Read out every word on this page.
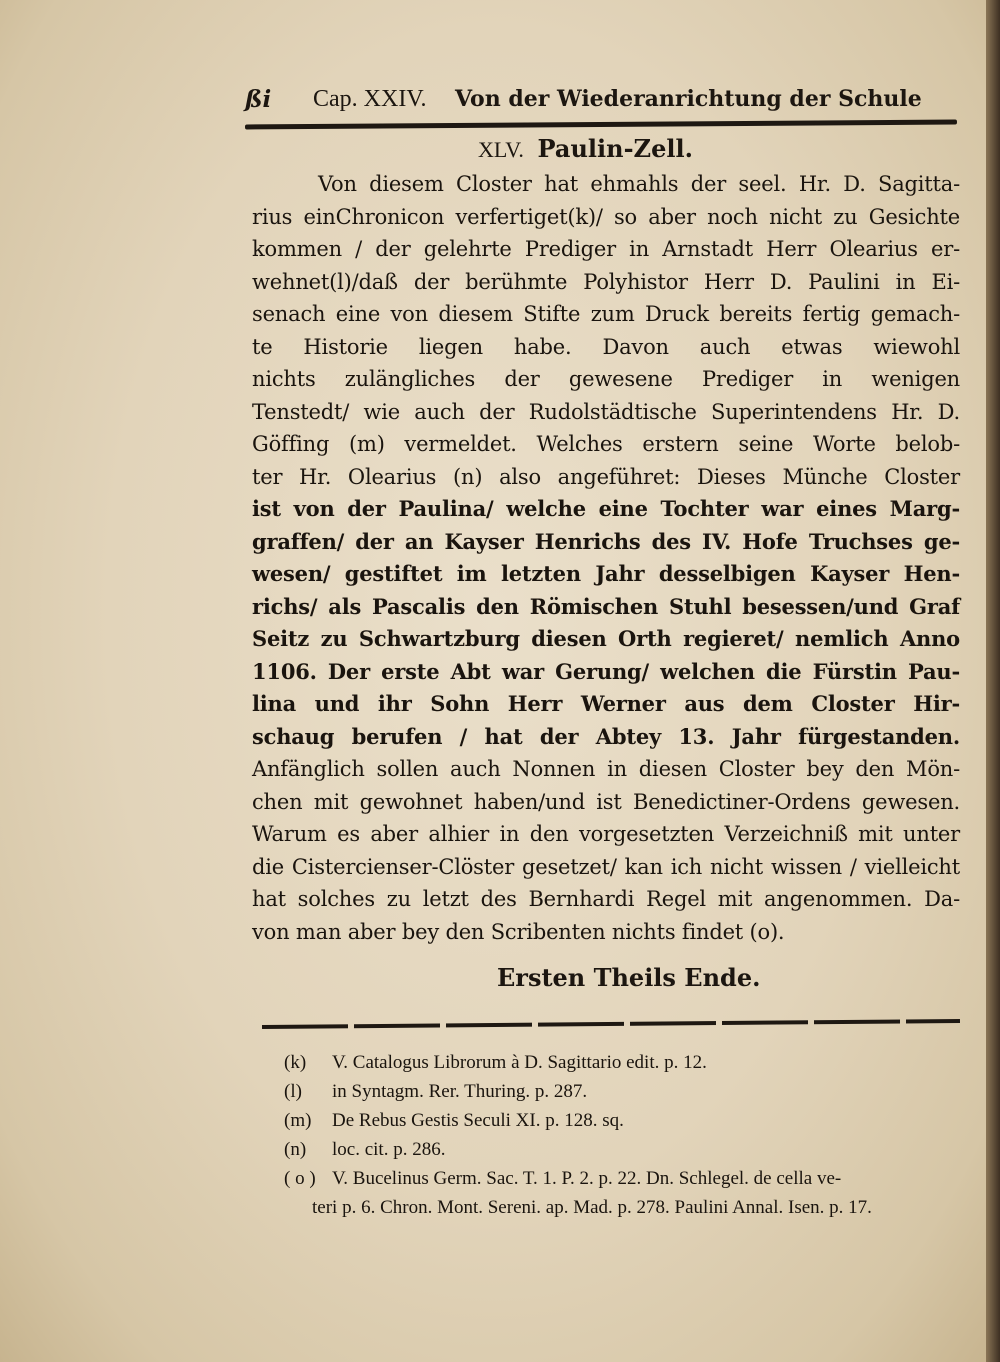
ßi Cap. XXIV. Von der Wiederanrichtung der Schule
XLV. Paulin-Zell.
Von diesem Closter hat ehmahls der seel. Hr. D. Sagitta-
rius einChronicon verfertiget(k)/ so aber noch nicht zu Gesichte
kommen / der gelehrte Prediger in Arnstadt Herr Olearius er-
wehnet(l)/daß der berühmte Polyhistor Herr D. Paulini in Ei-
senach eine von diesem Stifte zum Druck bereits fertig gemach-
te Historie liegen habe. Davon auch etwas wiewohl
nichts zulängliches der gewesene Prediger in wenigen
Tenstedt/ wie auch der Rudolstädtische Superintendens Hr. D.
Göffing (m) vermeldet. Welches erstern seine Worte belob-
ter Hr. Olearius (n) also angeführet: Dieses Münche Closter
ist von der Paulina/ welche eine Tochter war eines Marg-
graffen/ der an Kayser Henrichs des IV. Hofe Truchses ge-
wesen/ gestiftet im letzten Jahr desselbigen Kayser Hen-
richs/ als Pascalis den Römischen Stuhl besessen/und Graf
Seitz zu Schwartzburg diesen Orth regieret/ nemlich Anno
1106. Der erste Abt war Gerung/ welchen die Fürstin Pau-
lina und ihr Sohn Herr Werner aus dem Closter Hir-
schaug berufen / hat der Abtey 13. Jahr fürgestanden.
Anfänglich sollen auch Nonnen in diesen Closter bey den Mön-
chen mit gewohnet haben/und ist Benedictiner-Ordens gewesen.
Warum es aber alhier in den vorgesetzten Verzeichniß mit unter
die Cistercienser-Clöster gesetzet/ kan ich nicht wissen / vielleicht
hat solches zu letzt des Bernhardi Regel mit angenommen. Da-
von man aber bey den Scribenten nichts findet (o).
Ersten Theils Ende.
(k) V. Catalogus Librorum à D. Sagittario edit. p. 12.
(l) in Syntagm. Rer. Thuring. p. 287.
(m) De Rebus Gestis Seculi XI. p. 128. sq.
(n) loc. cit. p. 286.
( o ) V. Bucelinus Germ. Sac. T. 1. P. 2. p. 22. Dn. Schlegel. de cella ve-
teri p. 6. Chron. Mont. Sereni. ap. Mad. p. 278. Paulini Annal. Isen. p. 17.
